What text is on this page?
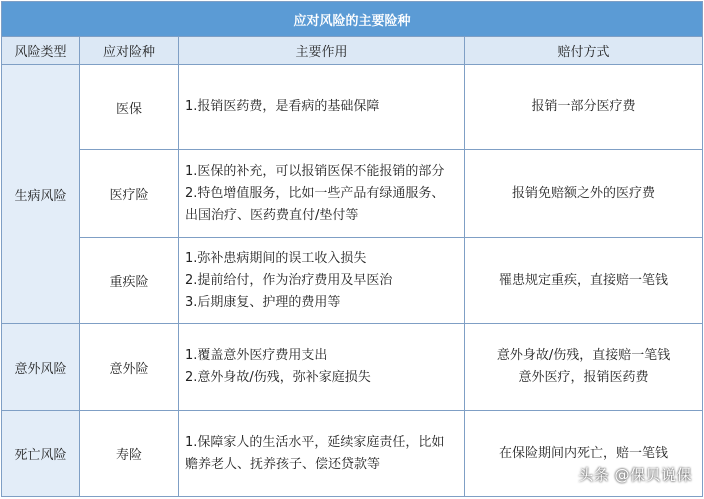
应对风险的主要险种			
风险类型	应对险种	主要作用	赔付方式
生病风险	医保	1.报销医药费，是看病的基础保障	报销一部分医疗费

	医疗险	1.医保的补充，可以报销医保不能报销的部分
2.特色增值服务，比如一些产品有绿通服务、
出国治疗、医药费直付/垫付等	报销免赔额之外的医疗费

	重疾险	1.弥补患病期间的误工收入损失
2.提前给付，作为治疗费用及早医治
3.后期康复、护理的费用等	罹患规定重疾，直接赔一笔钱

意外风险	意外险	1.覆盖意外医疗费用支出
2.意外身故/伤残，弥补家庭损失	意外身故/伤残，直接赔一笔钱
意外医疗，报销医药费

死亡风险	寿险	1.保障家人的生活水平，延续家庭责任，比如
赡养老人、抚养孩子、偿还贷款等	在保险期间内死亡，赔一笔钱
头条 @保贝说保
